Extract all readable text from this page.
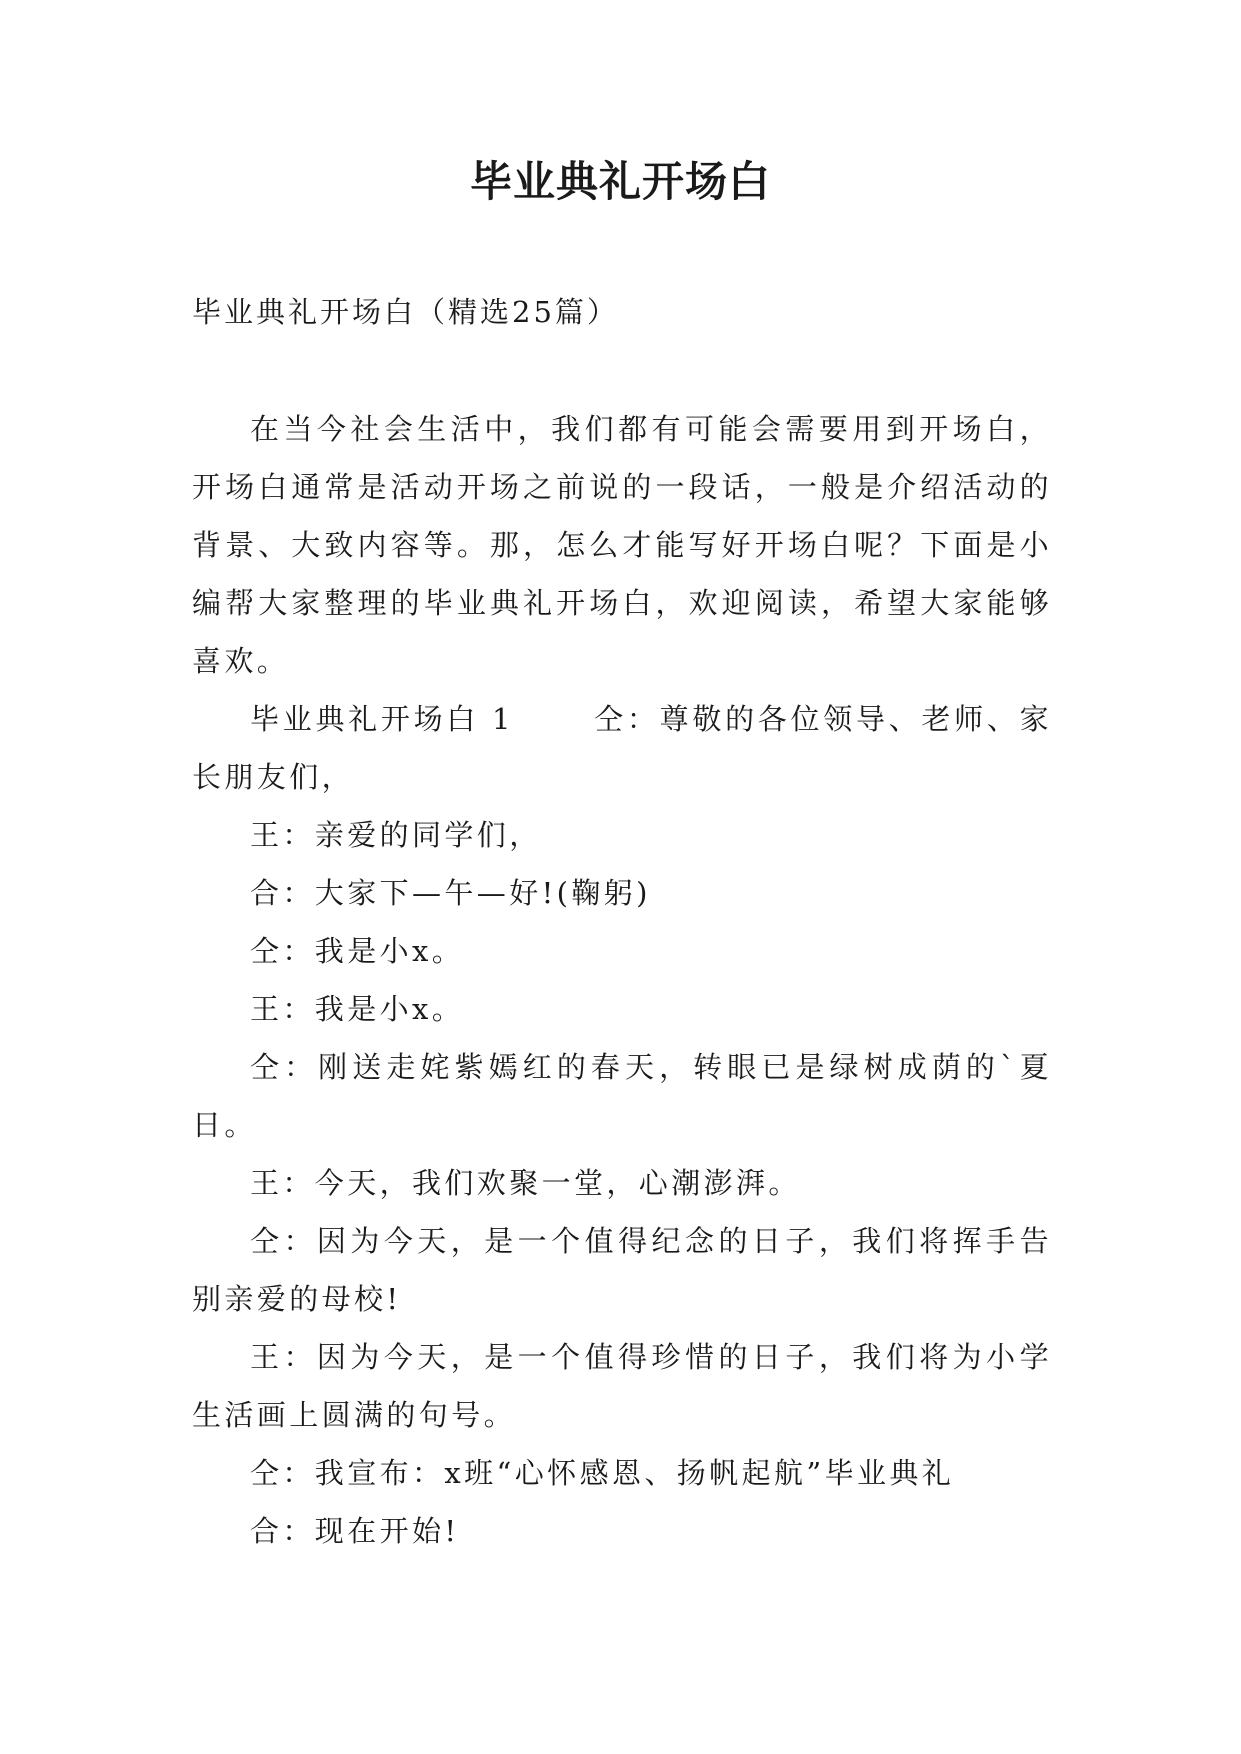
毕业典礼开场白
毕业典礼开场白（精选25篇）

在当今社会生活中，我们都有可能会需要用到开场白，开场白通常是活动开场之前说的一段话，一般是介绍活动的背景、大致内容等。那，怎么才能写好开场白呢？下面是小编帮大家整理的毕业典礼开场白，欢迎阅读，希望大家能够喜欢。

毕业典礼开场白 1	仝：尊敬的各位领导、老师、家长朋友们，

王：亲爱的同学们，

合：大家下—午—好!(鞠躬)

仝：我是小x。

王：我是小x。

仝：刚送走姹紫嫣红的春天，转眼已是绿树成荫的`夏日。

王：今天，我们欢聚一堂，心潮澎湃。

仝：因为今天，是一个值得纪念的日子，我们将挥手告别亲爱的母校!

王：因为今天，是一个值得珍惜的日子，我们将为小学生活画上圆满的句号。

仝：我宣布：x班“心怀感恩、扬帆起航”毕业典礼

合：现在开始!
